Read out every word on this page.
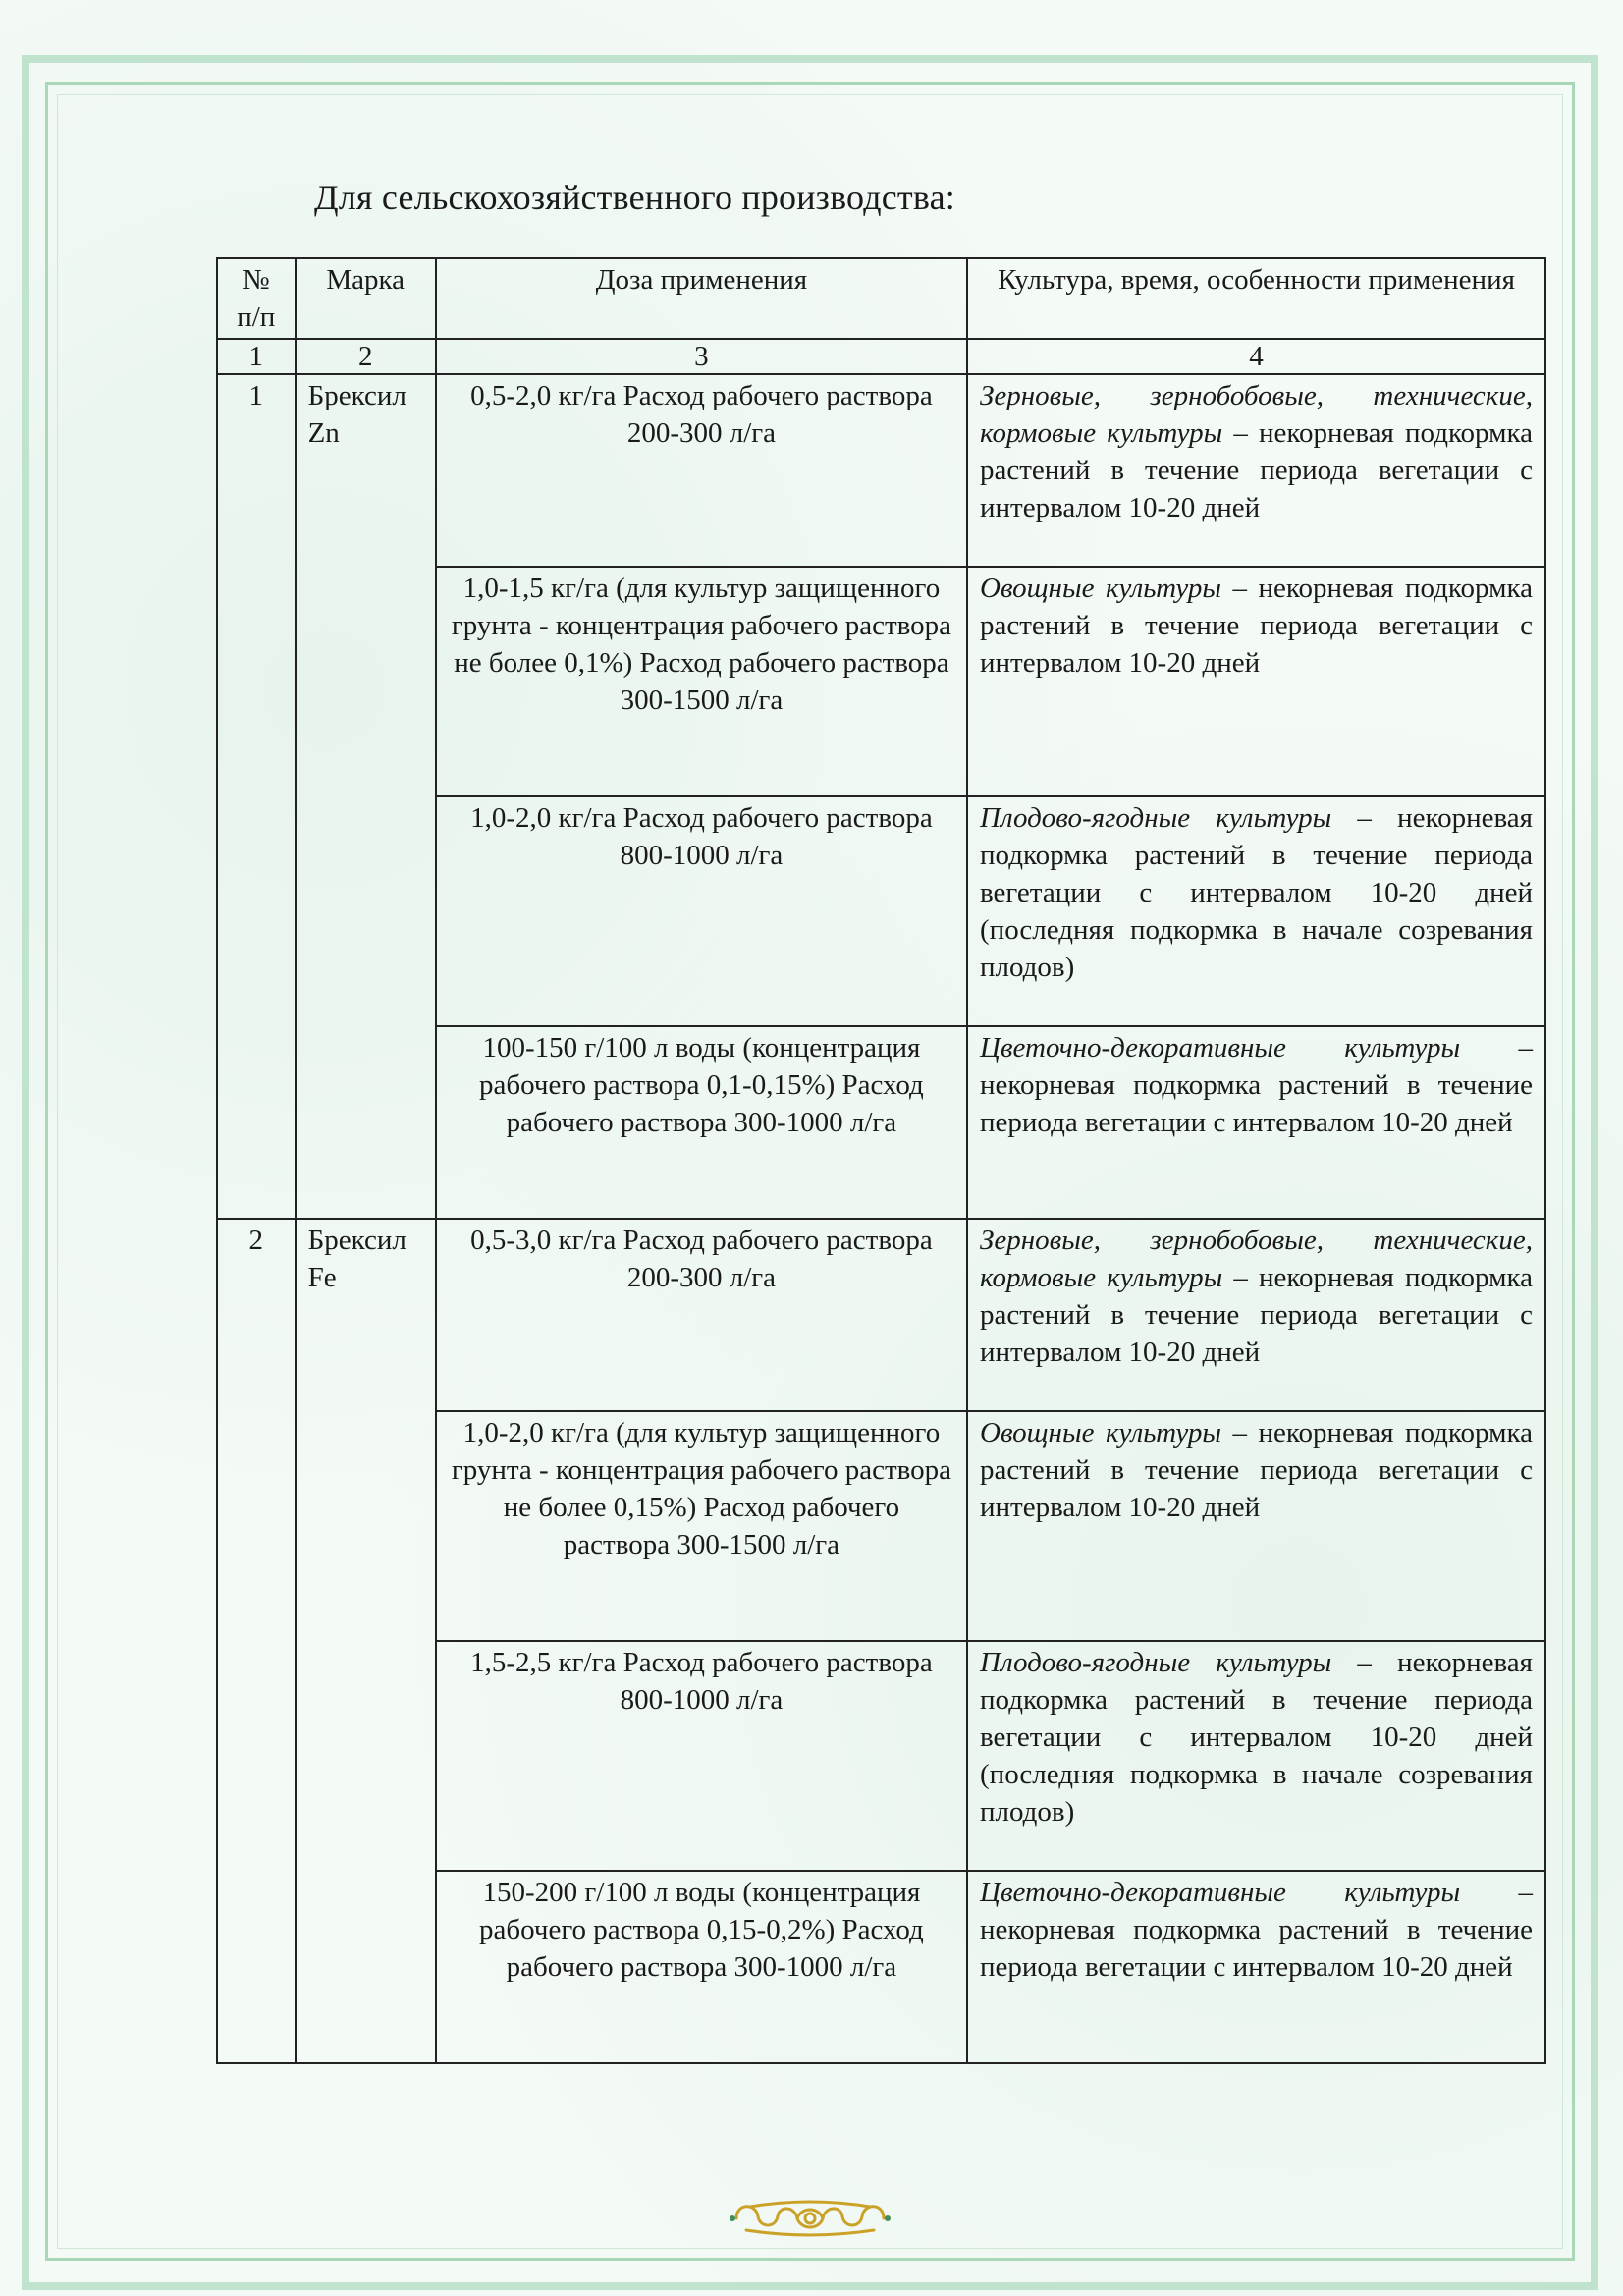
Для сельскохозяйственного производства:
№ п/п	Марка	Доза применения	Культура, время, особенности применения
1	2	3	4
1	Брексил Zn	0,5-2,0 кг/га Расход рабочего раствора 200-300 л/га	Зерновые, зернобобовые, технические, кормовые культуры – некорневая подкормка растений в течение периода вегетации с интервалом 10-20 дней
		1,0-1,5 кг/га (для культур защищенного грунта - концентрация рабочего раствора не более 0,1%) Расход рабочего раствора 300-1500 л/га	Овощные культуры – некорневая подкормка растений в течение периода вегетации с интервалом 10-20 дней
		1,0-2,0 кг/га Расход рабочего раствора 800-1000 л/га	Плодово-ягодные культуры – некорневая подкормка растений в течение периода вегетации с интервалом 10-20 дней (последняя подкормка в начале созревания плодов)
		100-150 г/100 л воды (концентрация рабочего раствора 0,1-0,15%) Расход рабочего раствора 300-1000 л/га	Цветочно-декоративные культуры – некорневая подкормка растений в течение периода вегетации с интервалом 10-20 дней
2	Брексил Fe	0,5-3,0 кг/га Расход рабочего раствора 200-300 л/га	Зерновые, зернобобовые, технические, кормовые культуры – некорневая подкормка растений в течение периода вегетации с интервалом 10-20 дней
		1,0-2,0 кг/га (для культур защищенного грунта - концентрация рабочего раствора не более 0,15%) Расход рабочего раствора 300-1500 л/га	Овощные культуры – некорневая подкормка растений в течение периода вегетации с интервалом 10-20 дней
		1,5-2,5 кг/га Расход рабочего раствора 800-1000 л/га	Плодово-ягодные культуры – некорневая подкормка растений в течение периода вегетации с интервалом 10-20 дней (последняя подкормка в начале созревания плодов)
		150-200 г/100 л воды (концентрация рабочего раствора 0,15-0,2%) Расход рабочего раствора 300-1000 л/га	Цветочно-декоративные культуры – некорневая подкормка растений в течение периода вегетации с интервалом 10-20 дней
